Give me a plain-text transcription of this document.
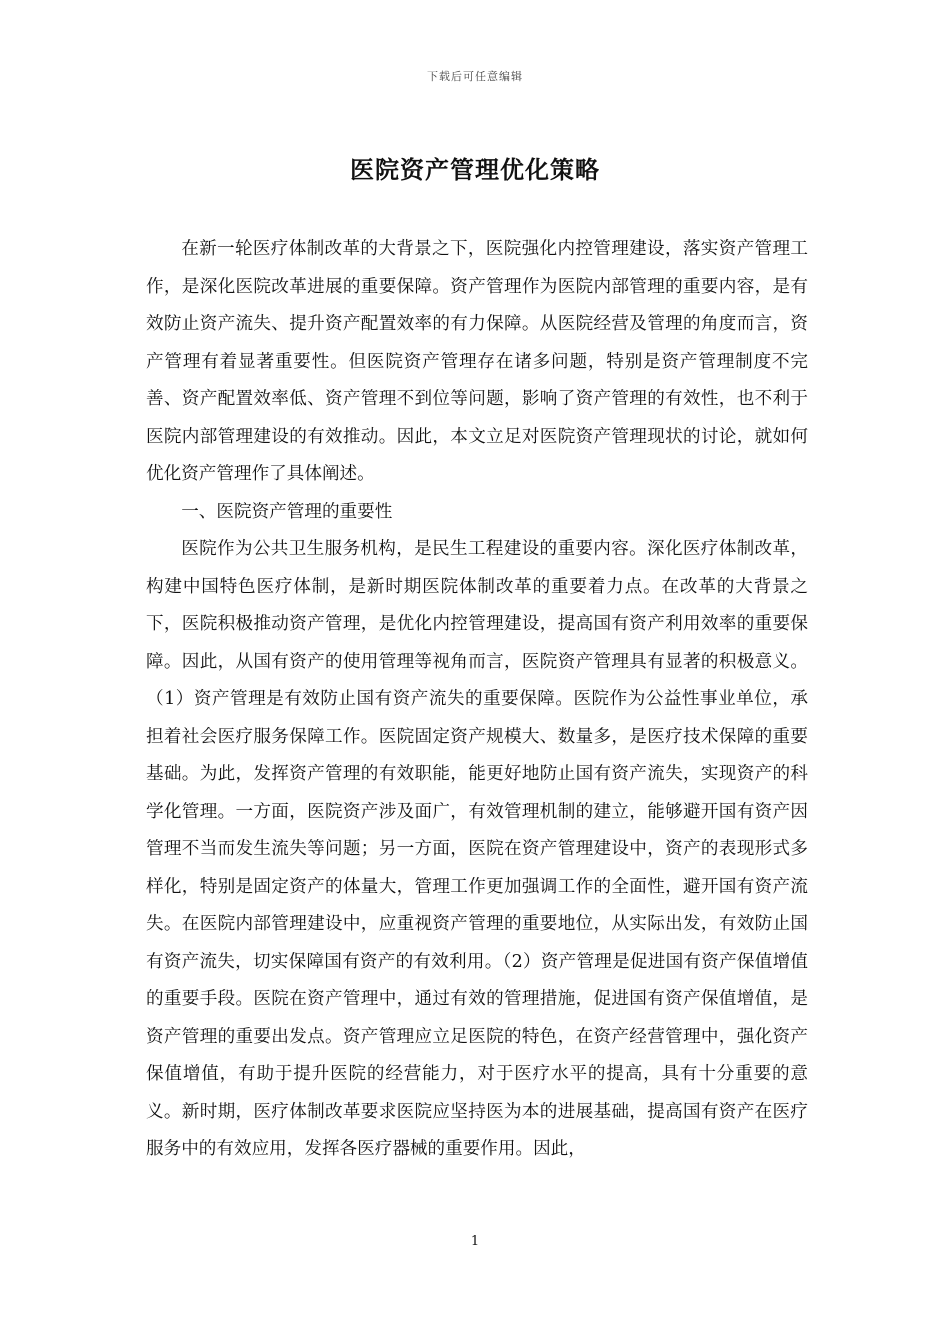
下载后可任意编辑
医院资产管理优化策略

在新一轮医疗体制改革的大背景之下，医院强化内控管理建设，落实资产管理工作，是深化医院改革进展的重要保障。资产管理作为医院内部管理的重要内容，是有效防止资产流失、提升资产配置效率的有力保障。从医院经营及管理的角度而言，资产管理有着显著重要性。但医院资产管理存在诸多问题，特别是资产管理制度不完善、资产配置效率低、资产管理不到位等问题，影响了资产管理的有效性，也不利于医院内部管理建设的有效推动。因此，本文立足对医院资产管理现状的讨论，就如何优化资产管理作了具体阐述。

一、医院资产管理的重要性

医院作为公共卫生服务机构，是民生工程建设的重要内容。深化医疗体制改革，构建中国特色医疗体制，是新时期医院体制改革的重要着力点。在改革的大背景之下，医院积极推动资产管理，是优化内控管理建设，提高国有资产利用效率的重要保障。因此，从国有资产的使用管理等视角而言，医院资产管理具有显著的积极意义。（1）资产管理是有效防止国有资产流失的重要保障。医院作为公益性事业单位，承担着社会医疗服务保障工作。医院固定资产规模大、数量多，是医疗技术保障的重要基础。为此，发挥资产管理的有效职能，能更好地防止国有资产流失，实现资产的科学化管理。一方面，医院资产涉及面广，有效管理机制的建立，能够避开国有资产因管理不当而发生流失等问题；另一方面，医院在资产管理建设中，资产的表现形式多样化，特别是固定资产的体量大，管理工作更加强调工作的全面性，避开国有资产流失。在医院内部管理建设中，应重视资产管理的重要地位，从实际出发，有效防止国有资产流失，切实保障国有资产的有效利用。（2）资产管理是促进国有资产保值增值的重要手段。医院在资产管理中，通过有效的管理措施，促进国有资产保值增值，是资产管理的重要出发点。资产管理应立足医院的特色，在资产经营管理中，强化资产保值增值，有助于提升医院的经营能力，对于医疗水平的提高，具有十分重要的意义。新时期，医疗体制改革要求医院应坚持医为本的进展基础，提高国有资产在医疗服务中的有效应用，发挥各医疗器械的重要作用。因此，

1
